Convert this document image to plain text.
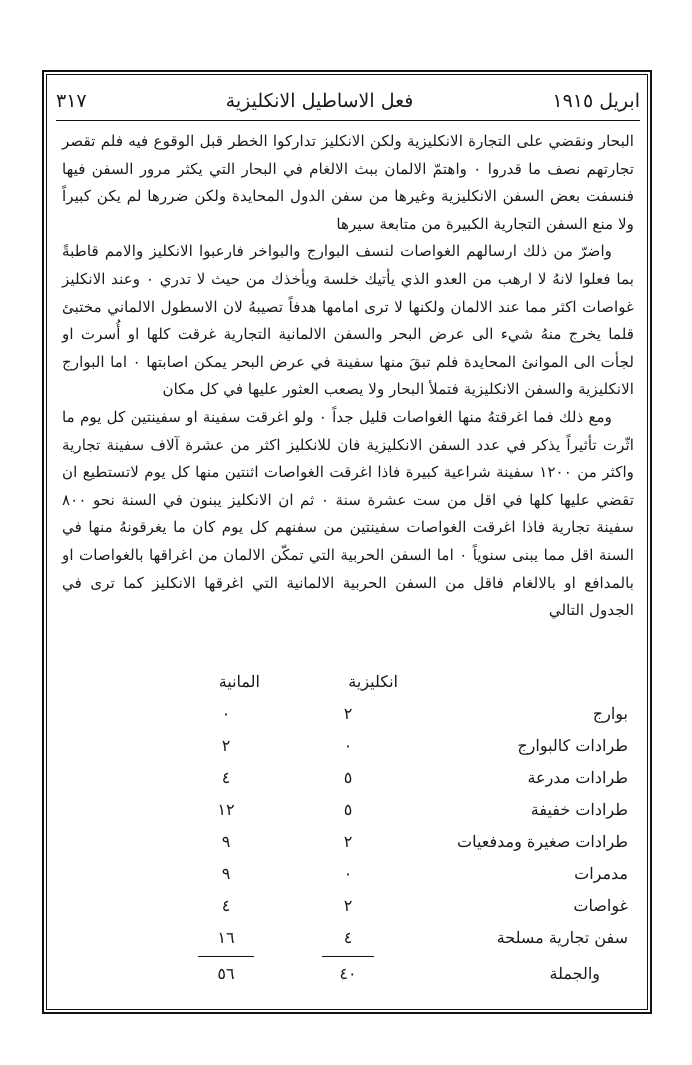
ابريل ١٩١٥
فعل الاساطيل الانكليزية
٣١٧

البحار ونقضي على التجارة الانكليزية ولكن الانكليز تداركوا الخطر قبل الوقوع فيه فلم تقصر تجارتهم نصف ما قدروا ٠ واهتمّ الالمان ببث الالغام في البحار التي يكثر مرور السفن فيها فنسفت بعض السفن الانكليزية وغيرها من سفن الدول المحايدة ولكن ضررها لم يكن كبيراً ولا منع السفن التجارية الكبيرة من متابعة سيرها

واضرّ من ذلك ارسالهم الغواصات لنسف البوارج والبواخر فارعبوا الانكليز والامم قاطبةً بما فعلوا لانهُ لا ارهب من العدو الذي يأتيك خلسة ويأخذك من حيث لا تدري ٠ وعند الانكليز غواصات اكثر مما عند الالمان ولكنها لا ترى امامها هدفاً تصيبهُ لان الاسطول الالماني مختبئ قلما يخرج منهُ شيء الى عرض البحر والسفن الالمانية التجارية غرقت كلها او أُسرت او لجأت الى الموانئ المحايدة فلم تبقَ منها سفينة في عرض البحر يمكن اصابتها ٠ اما البوارج الانكليزية والسفن الانكليزية فتملأ البحار ولا يصعب العثور عليها في كل مكان

ومع ذلك فما اغرقتهُ منها الغواصات قليل جداً ٠ ولو اغرقت سفينة او سفينتين كل يوم ما اثّرت تأثيراً يذكر في عدد السفن الانكليزية فان للانكليز اكثر من عشرة آلاف سفينة تجارية واكثر من ١٢٠٠ سفينة شراعية كبيرة فاذا اغرقت الغواصات اثنتين منها كل يوم لاتستطيع ان تقضي عليها كلها في اقل من ست عشرة سنة ٠ ثم ان الانكليز يبنون في السنة نحو ٨٠٠ سفينة تجارية فاذا اغرقت الغواصات سفينتين من سفنهم كل يوم كان ما يغرقونهُ منها في السنة اقل مما يبنى سنوياً ٠ اما السفن الحربية التي تمكّن الالمان من اغراقها بالغواصات او بالمدافع او بالالغام فاقل من السفن الحربية الالمانية التي اغرقها الانكليز كما ترى في الجدول التالي

انكليزية
المانية
بوارج
٢
٠
طرادات كالبوارج
٠
٢
طرادات مدرعة
٥
٤
طرادات خفيفة
٥
١٢
طرادات صغيرة ومدفعيات
٢
٩
مدمرات
٠
٩
غواصات
٢
٤
سفن تجارية مسلحة
٤
١٦
والجملة
٤٠
٥٦
